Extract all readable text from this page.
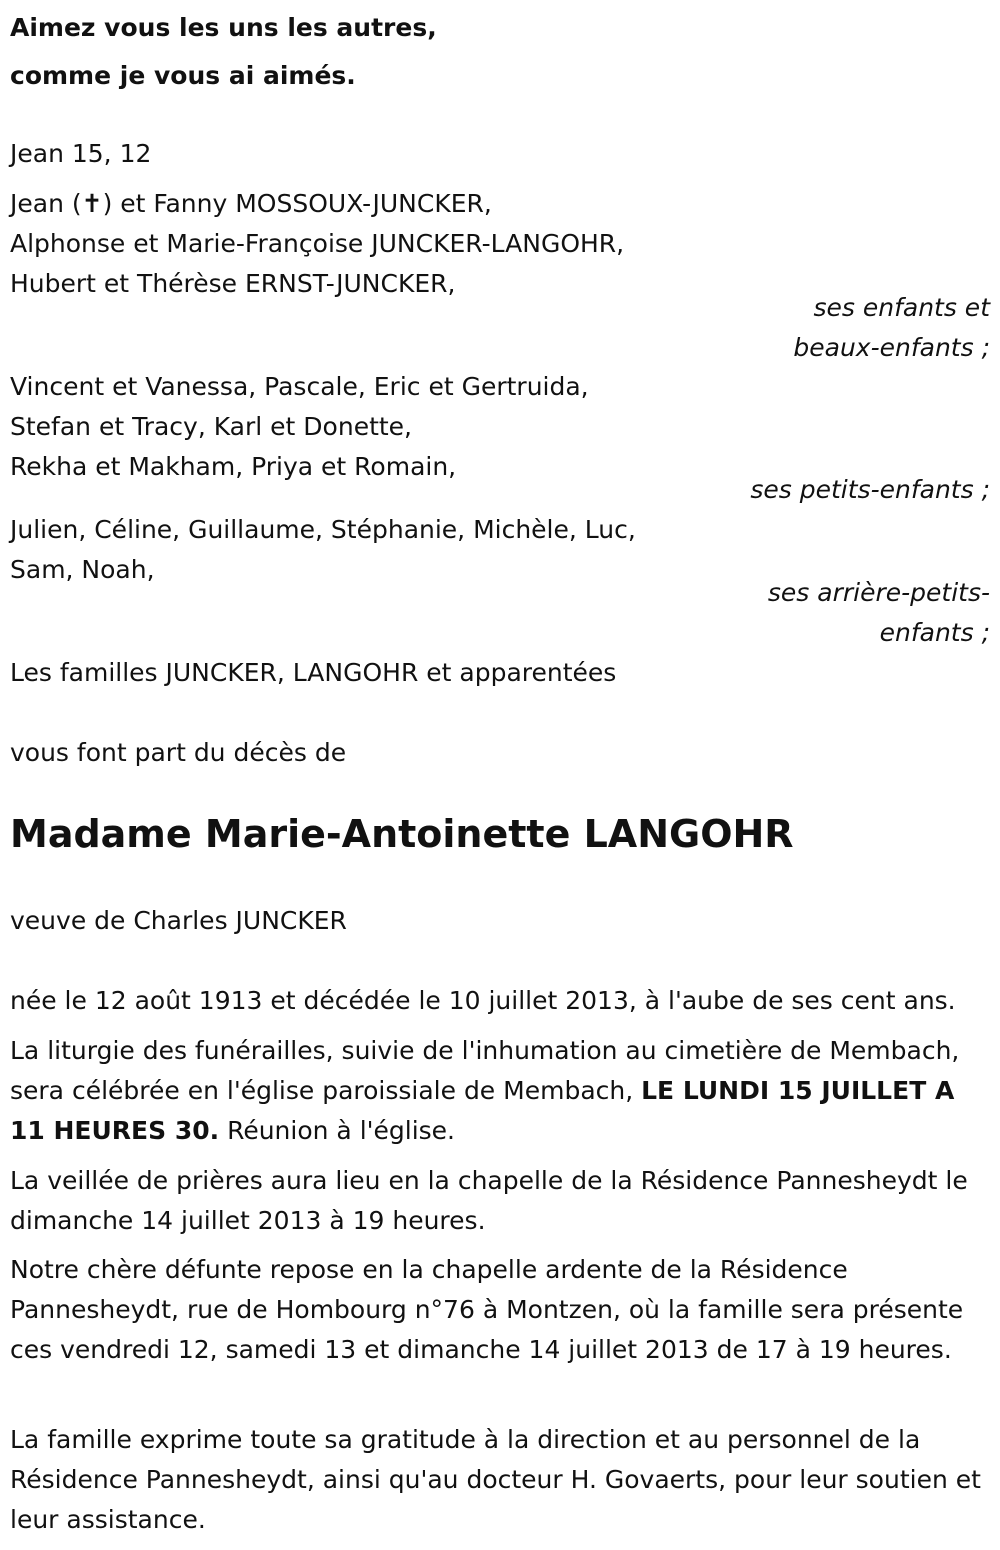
Aimez vous les uns les autres,
comme je vous ai aimés.
Jean 15, 12
Jean (✝) et Fanny MOSSOUX-JUNCKER,
Alphonse et Marie-Françoise JUNCKER-LANGOHR,
Hubert et Thérèse ERNST-JUNCKER,
ses enfants et
beaux-enfants ;
Vincent et Vanessa, Pascale, Eric et Gertruida,
Stefan et Tracy, Karl et Donette,
Rekha et Makham, Priya et Romain,
ses petits-enfants ;
Julien, Céline, Guillaume, Stéphanie, Michèle, Luc,
Sam, Noah,
ses arrière-petits-
enfants ;
Les familles JUNCKER, LANGOHR et apparentées
vous font part du décès de
Madame Marie-Antoinette LANGOHR
veuve de Charles JUNCKER
née le 12 août 1913 et décédée le 10 juillet 2013, à l'aube de ses cent ans.
La liturgie des funérailles, suivie de l'inhumation au cimetière de Membach, sera célébrée en l'église paroissiale de Membach, LE LUNDI 15 JUILLET A 11 HEURES 30. Réunion à l'église.
La veillée de prières aura lieu en la chapelle de la Résidence Pannesheydt le dimanche 14 juillet 2013 à 19 heures.
Notre chère défunte repose en la chapelle ardente de la Résidence Pannesheydt, rue de Hombourg n°76 à Montzen, où la famille sera présente ces vendredi 12, samedi 13 et dimanche 14 juillet 2013 de 17 à 19 heures.
La famille exprime toute sa gratitude à la direction et au personnel de la Résidence Pannesheydt, ainsi qu'au docteur H. Govaerts, pour leur soutien et leur assistance.
